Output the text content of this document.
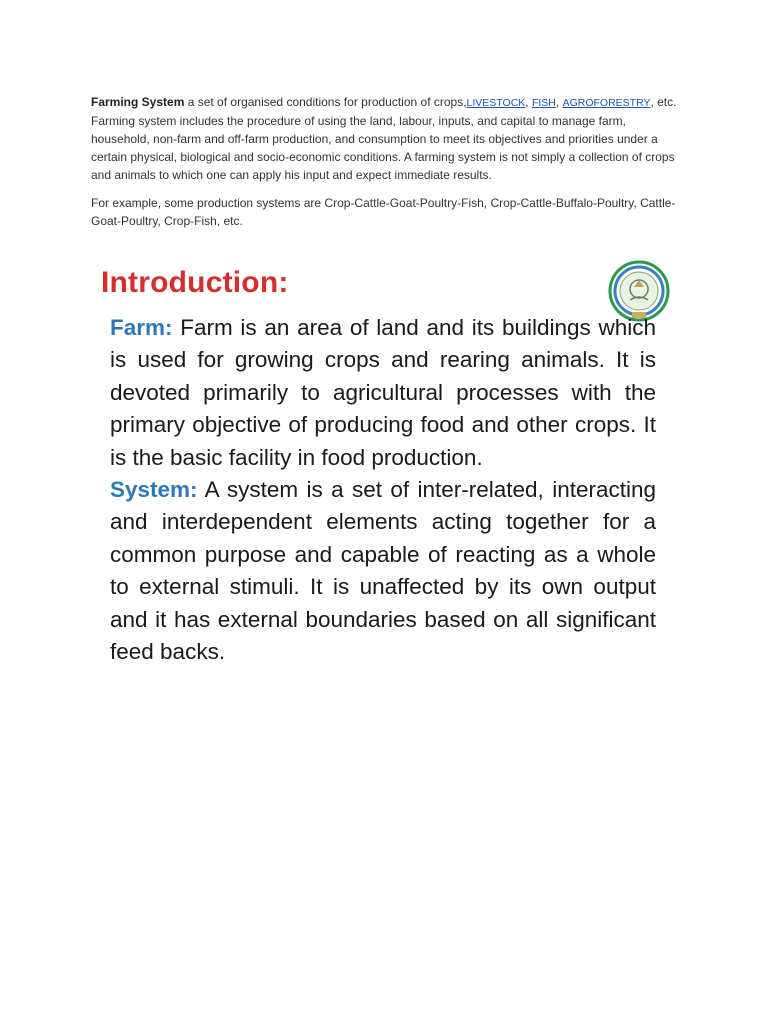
Farming System a set of organised conditions for production of crops,LIVESTOCK, FISH, AGROFORESTRY, etc. Farming system includes the procedure of using the land, labour, inputs, and capital to manage farm, household, non-farm and off-farm production, and consumption to meet its objectives and priorities under a certain physical, biological and socio-economic conditions. A farming system is not simply a collection of crops and animals to which one can apply his input and expect immediate results.

For example, some production systems are Crop-Cattle-Goat-Poultry-Fish, Crop-Cattle-Buffalo-Poultry, Cattle-Goat-Poultry, Crop-Fish, etc.

Introduction:

Farm: Farm is an area of land and its buildings which is used for growing crops and rearing animals. It is devoted primarily to agricultural processes with the primary objective of producing food and other crops. It is the basic facility in food production.

System: A system is a set of inter-related, interacting and interdependent elements acting together for a common purpose and capable of reacting as a whole to external stimuli. It is unaffected by its own output and it has external boundaries based on all significant feed backs.
